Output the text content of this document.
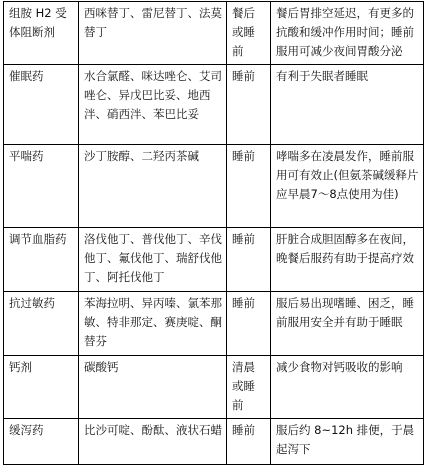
组胺 H2 受体阻断剂	西咪替丁、雷尼替丁、法莫替丁	餐后或睡前	餐后胃排空延迟，有更多的抗酸和缓冲作用时间；睡前服用可减少夜间胃酸分泌
催眠药	水合氯醛、咪达唑仑、艾司唑仑、异戊巴比妥、地西泮、硝西泮、苯巴比妥	睡前	有利于失眠者睡眠
平喘药	沙丁胺醇、二羟丙茶碱	睡前	哮喘多在凌晨发作，睡前服用可有效止(但氨茶碱缓释片应早晨7～8点使用为佳)
调节血脂药	洛伐他丁、普伐他丁、辛伐他丁、氟伐他丁、瑞舒伐他丁、阿托伐他丁	睡前	肝脏合成胆固醇多在夜间，晚餐后服药有助于提高疗效
抗过敏药	苯海拉明、异丙嗪、氯苯那敏、特非那定、赛庚啶、酮替芬	睡前	服后易出现嗜睡、困乏，睡前服用安全并有助于睡眠
钙剂	碳酸钙	清晨或睡前	减少食物对钙吸收的影响
缓泻药	比沙可啶、酚酞、液状石蜡	睡前	服后约 8~12h 排便，于晨起泻下
